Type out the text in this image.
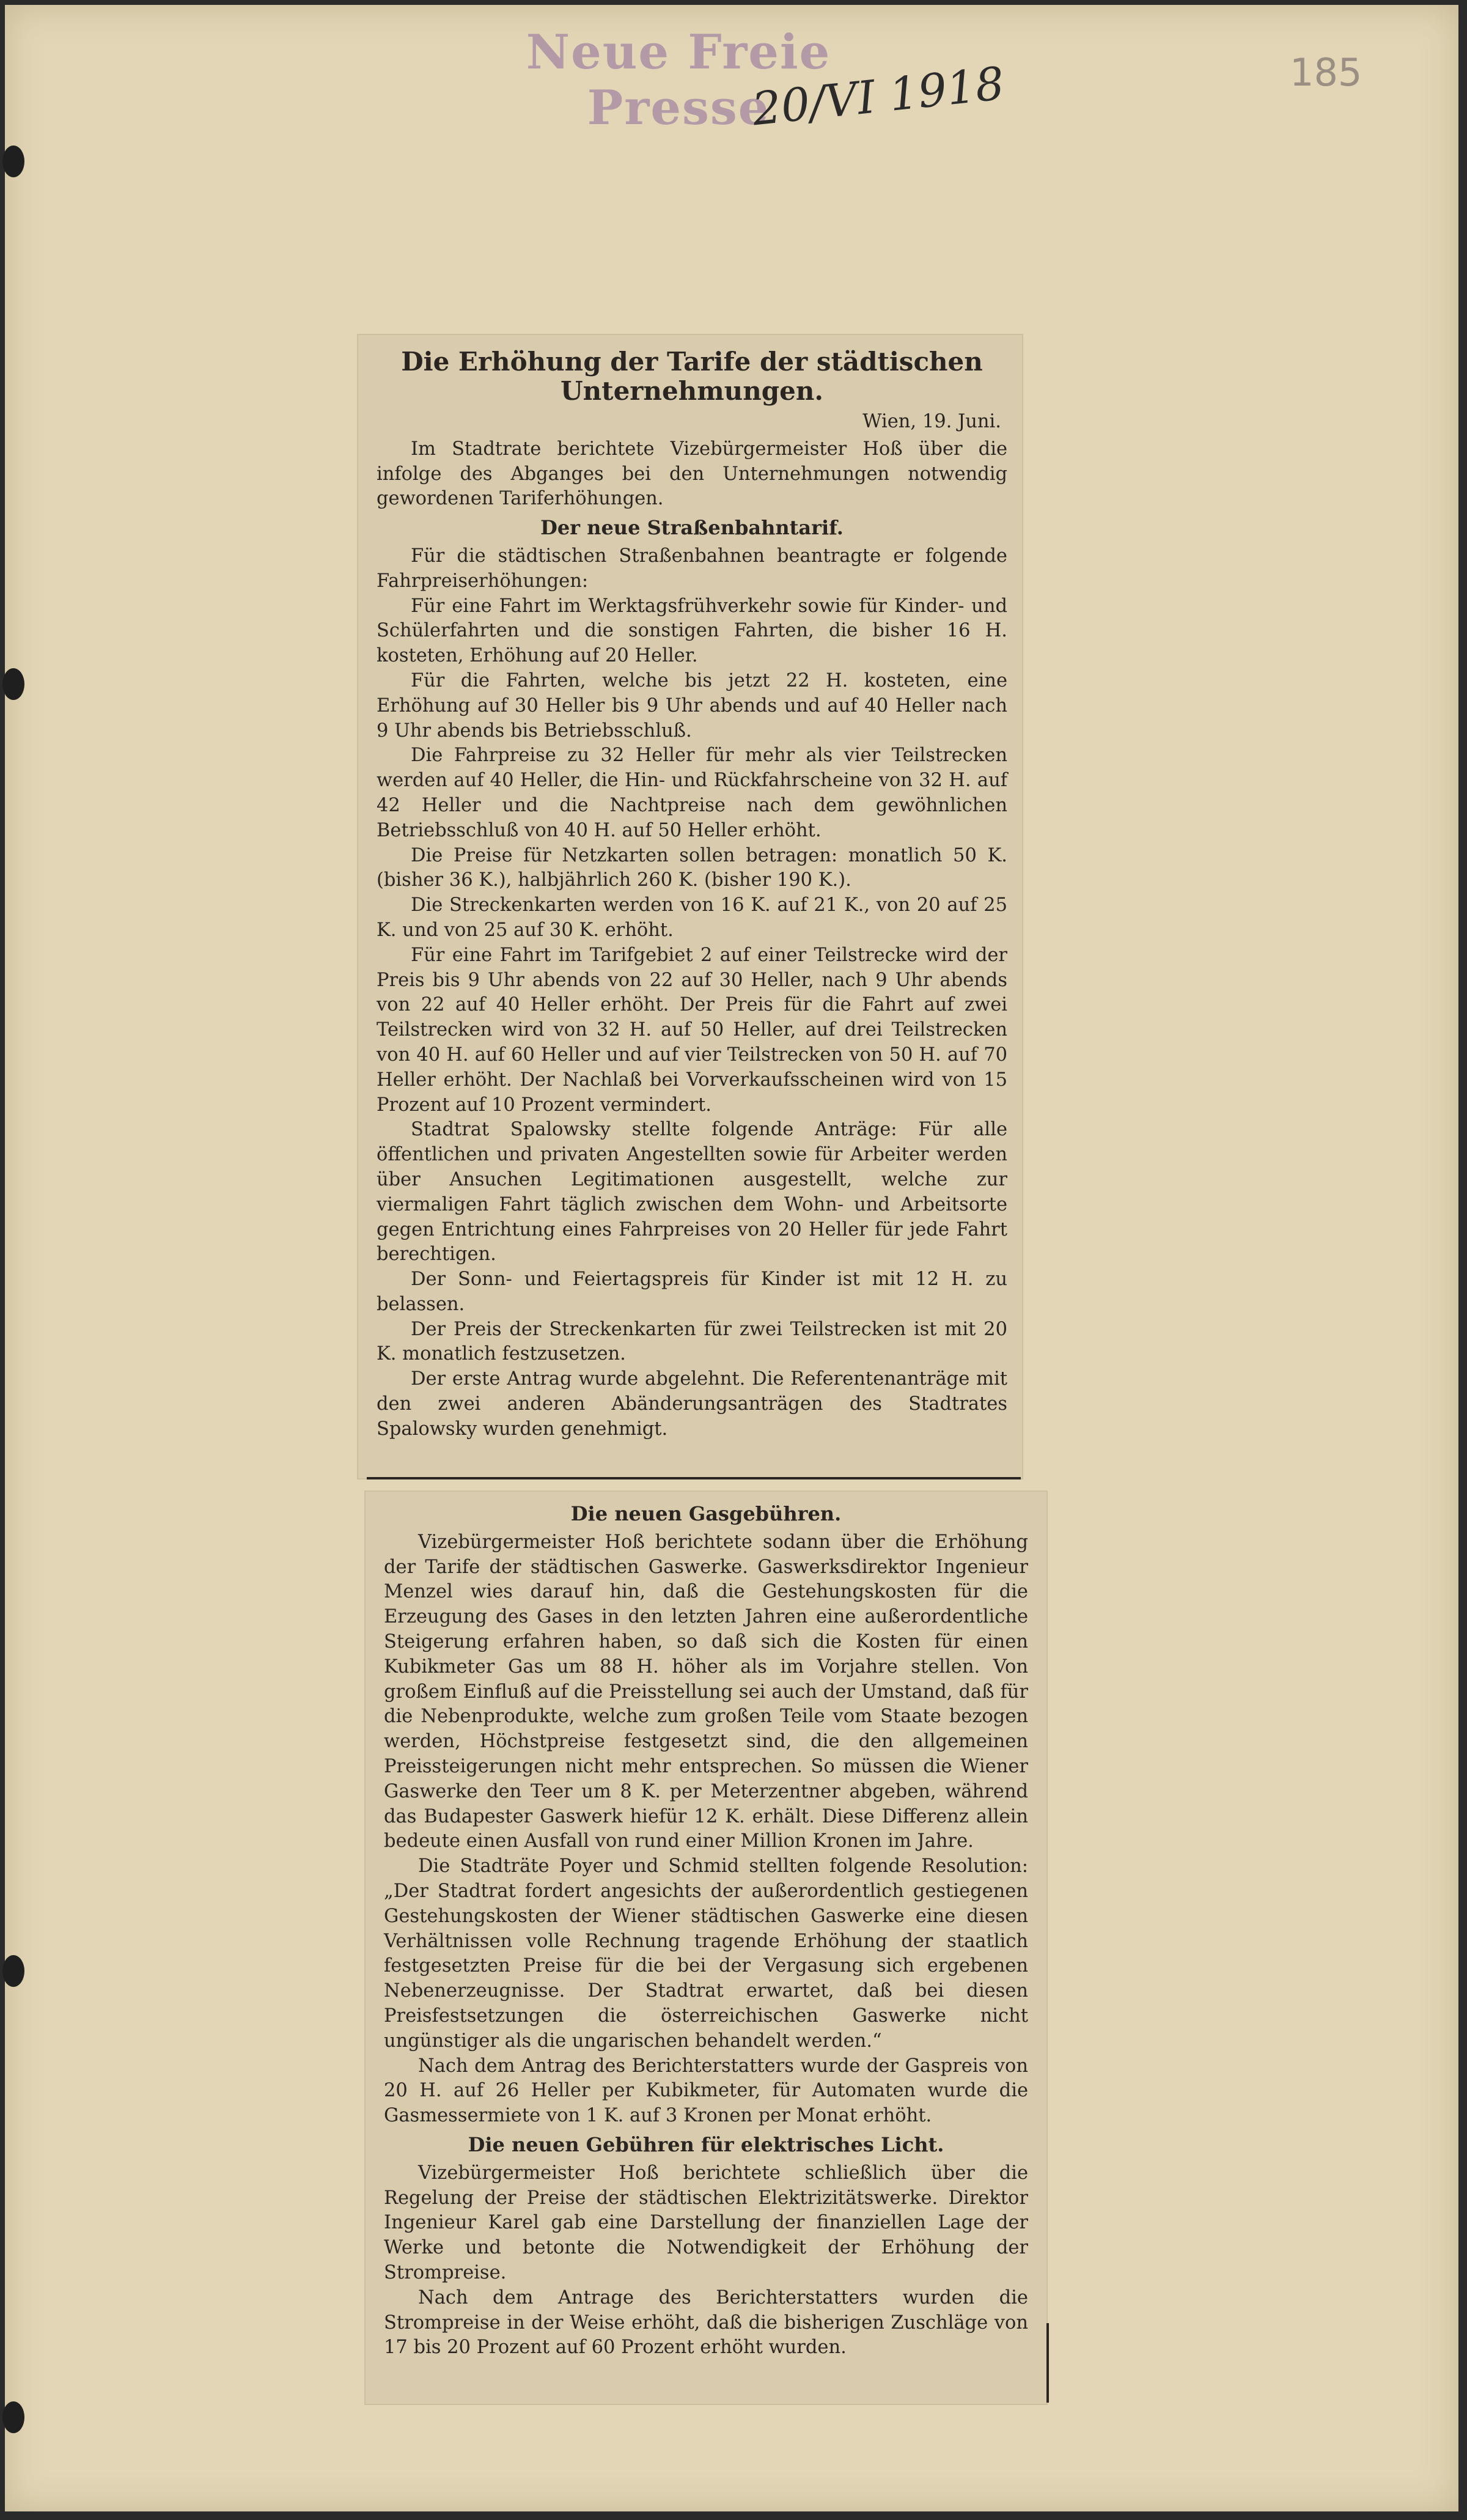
Neue Freie Presse
20/VI 1918	185
Die Erhöhung der Tarife der städtischen Unternehmungen.
Wien, 19. Juni.

Im Stadtrate berichtete Vizebürgermeister Hoß über die infolge des Abganges bei den Unternehmungen notwendig gewordenen Tariferhöhungen.

Der neue Straßenbahntarif.

Für die städtischen Straßenbahnen beantragte er folgende Fahrpreiserhöhungen:

Für eine Fahrt im Werktagsfrühverkehr sowie für Kinder- und Schülerfahrten und die sonstigen Fahrten, die bisher 16 H. kosteten, Erhöhung auf 20 Heller.

Für die Fahrten, welche bis jetzt 22 H. kosteten, eine Erhöhung auf 30 Heller bis 9 Uhr abends und auf 40 Heller nach 9 Uhr abends bis Betriebsschluß.

Die Fahrpreise zu 32 Heller für mehr als vier Teilstrecken werden auf 40 Heller, die Hin- und Rückfahrscheine von 32 H. auf 42 Heller und die Nachtpreise nach dem gewöhnlichen Betriebsschluß von 40 H. auf 50 Heller erhöht.

Die Preise für Netzkarten sollen betragen: monatlich 50 K. (bisher 36 K.), halbjährlich 260 K. (bisher 190 K.).

Die Streckenkarten werden von 16 K. auf 21 K., von 20 auf 25 K. und von 25 auf 30 K. erhöht.

Für eine Fahrt im Tarifgebiet 2 auf einer Teilstrecke wird der Preis bis 9 Uhr abends von 22 auf 30 Heller, nach 9 Uhr abends von 22 auf 40 Heller erhöht. Der Preis für die Fahrt auf zwei Teilstrecken wird von 32 H. auf 50 Heller, auf drei Teilstrecken von 40 H. auf 60 Heller und auf vier Teilstrecken von 50 H. auf 70 Heller erhöht. Der Nachlaß bei Vorverkaufsscheinen wird von 15 Prozent auf 10 Prozent vermindert.

Stadtrat Spalowsky stellte folgende Anträge: Für alle öffentlichen und privaten Angestellten sowie für Arbeiter werden über Ansuchen Legitimationen ausgestellt, welche zur viermaligen Fahrt täglich zwischen dem Wohn- und Arbeitsorte gegen Entrichtung eines Fahrpreises von 20 Heller für jede Fahrt berechtigen.

Der Sonn- und Feiertagspreis für Kinder ist mit 12 H. zu belassen.

Der Preis der Streckenkarten für zwei Teilstrecken ist mit 20 K. monatlich festzusetzen.

Der erste Antrag wurde abgelehnt. Die Referentenanträge mit den zwei anderen Abänderungsanträgen des Stadtrates Spalowsky wurden genehmigt.

Die neuen Gasgebühren.

Vizebürgermeister Hoß berichtete sodann über die Erhöhung der Tarife der städtischen Gaswerke. Gaswerksdirektor Ingenieur Menzel wies darauf hin, daß die Gestehungskosten für die Erzeugung des Gases in den letzten Jahren eine außerordentliche Steigerung erfahren haben, so daß sich die Kosten für einen Kubikmeter Gas um 88 H. höher als im Vorjahre stellen. Von großem Einfluß auf die Preisstellung sei auch der Umstand, daß für die Nebenprodukte, welche zum großen Teile vom Staate bezogen werden, Höchstpreise festgesetzt sind, die den allgemeinen Preissteigerungen nicht mehr entsprechen. So müssen die Wiener Gaswerke den Teer um 8 K. per Meterzentner abgeben, während das Budapester Gaswerk hiefür 12 K. erhält. Diese Differenz allein bedeute einen Ausfall von rund einer Million Kronen im Jahre.

Die Stadträte Poyer und Schmid stellten folgende Resolution: „Der Stadtrat fordert angesichts der außerordentlich gestiegenen Gestehungskosten der Wiener städtischen Gaswerke eine diesen Verhältnissen volle Rechnung tragende Erhöhung der staatlich festgesetzten Preise für die bei der Vergasung sich ergebenen Nebenerzeugnisse. Der Stadtrat erwartet, daß bei diesen Preisfestsetzungen die österreichischen Gaswerke nicht ungünstiger als die ungarischen behandelt werden.“

Nach dem Antrag des Berichterstatters wurde der Gaspreis von 20 H. auf 26 Heller per Kubikmeter, für Automaten wurde die Gasmessermiete von 1 K. auf 3 Kronen per Monat erhöht.

Die neuen Gebühren für elektrisches Licht.

Vizebürgermeister Hoß berichtete schließlich über die Regelung der Preise der städtischen Elektrizitätswerke. Direktor Ingenieur Karel gab eine Darstellung der finanziellen Lage der Werke und betonte die Notwendigkeit der Erhöhung der Strompreise.

Nach dem Antrage des Berichterstatters wurden die Strompreise in der Weise erhöht, daß die bisherigen Zuschläge von 17 bis 20 Prozent auf 60 Prozent erhöht wurden.
